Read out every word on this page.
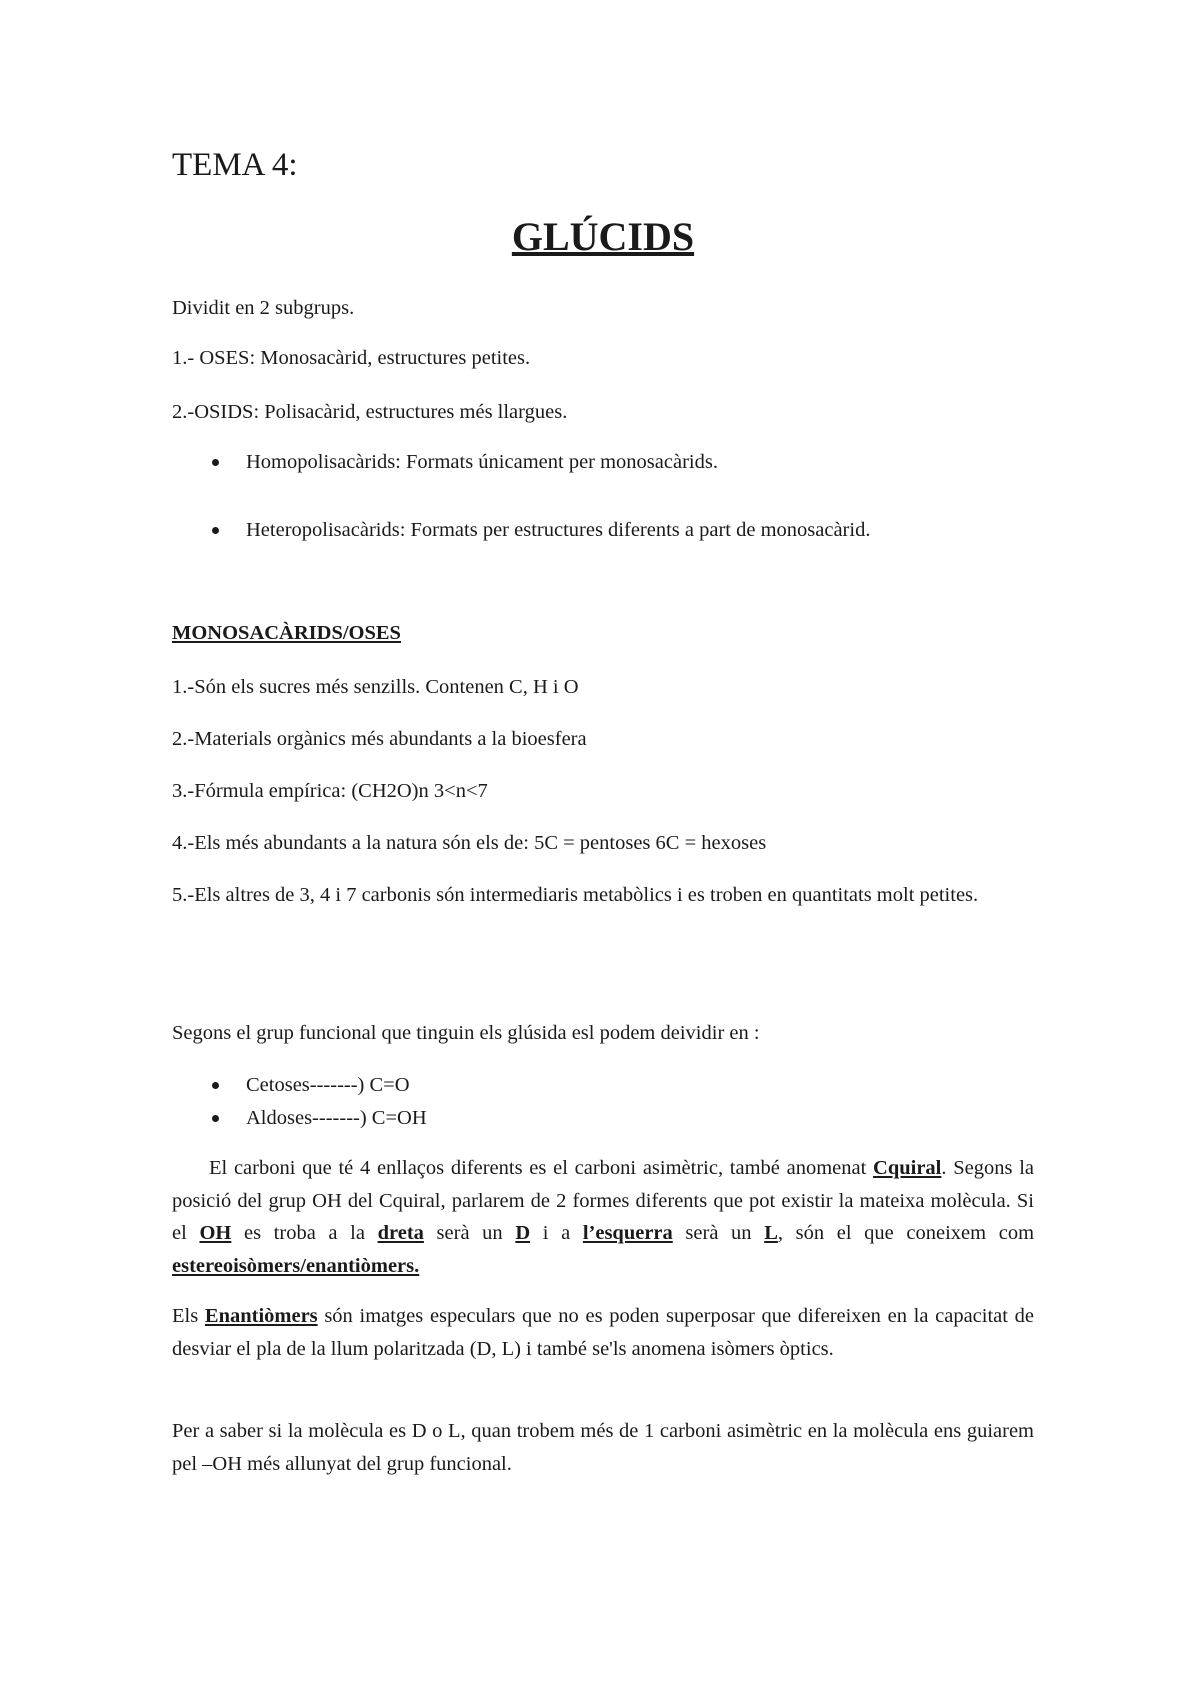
TEMA 4:

GLÚCIDS

Dividit en 2 subgrups.

1.- OSES: Monosacàrid, estructures petites.

2.-OSIDS: Polisacàrid, estructures més llargues.

Homopolisacàrids: Formats únicament per monosacàrids.
Heteropolisacàrids: Formats per estructures diferents a part de monosacàrid.

MONOSACÀRIDS/OSES

1.-Són els sucres més senzills. Contenen C, H i O

2.-Materials orgànics més abundants a la bioesfera

3.-Fórmula empírica: (CH2O)n 3<n<7

4.-Els més abundants a la natura són els de: 5C = pentoses 6C = hexoses

5.-Els altres de 3, 4 i 7 carbonis són intermediaris metabòlics i es troben en quantitats molt petites.

Segons el grup funcional que tinguin els glúsida esl podem deividir en :

Cetoses-------) C=O
Aldoses-------) C=OH

El carboni que té 4 enllaços diferents es el carboni asimètric, també anomenat Cquiral. Segons la posició del grup OH del Cquiral, parlarem de 2 formes diferents que pot existir la mateixa molècula. Si el OH es troba a la dreta serà un D i a l’esquerra serà un L, són el que coneixem com estereoisòmers/enantiòmers.

Els Enantiòmers són imatges especulars que no es poden superposar que difereixen en la capacitat de desviar el pla de la llum polaritzada (D, L) i també se'ls anomena isòmers òptics.

Per a saber si la molècula es D o L, quan trobem més de 1 carboni asimètric en la molècula ens guiarem pel –OH més allunyat del grup funcional.
